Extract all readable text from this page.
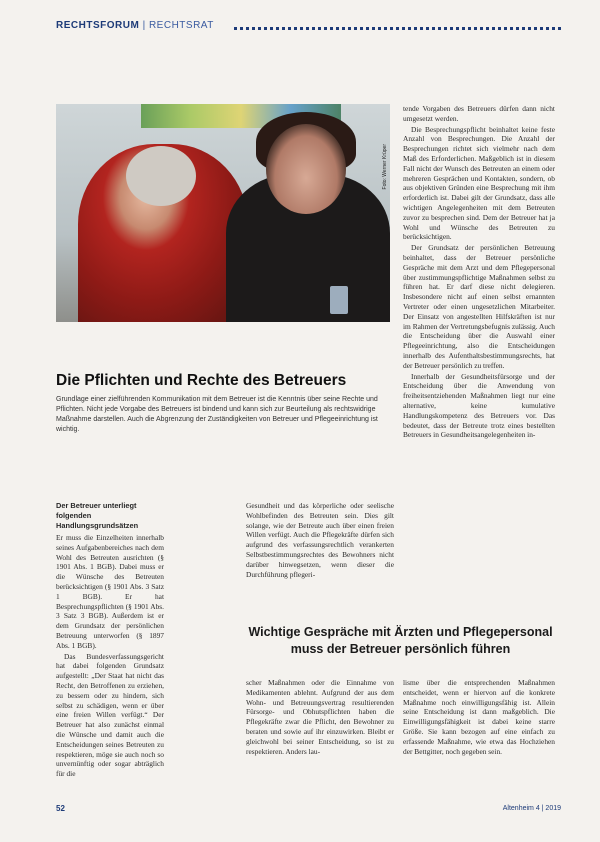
RECHTSFORUM | RECHTSRAT
Foto: Werner Krüper
Die Pflichten und Rechte des Betreuers

Grundlage einer zielführenden Kommunikation mit dem Betreuer ist die Kenntnis über seine Rechte und Pflichten. Nicht jede Vorgabe des Betreuers ist bindend und kann sich zur Beurteilung als rechtswidrige Maßnahme darstellen. Auch die Abgrenzung der Zuständigkeiten von Betreuer und Pflegeeinrichtung ist wichtig.

Der Betreuer unterliegt folgenden Handlungsgrundsätzen

Er muss die Einzelheiten innerhalb seines Aufgabenbereiches nach dem Wohl des Betreuten ausrichten (§ 1901 Abs. 1 BGB). Dabei muss er die Wünsche des Betreuten berücksichtigen (§ 1901 Abs. 3 Satz 1 BGB). Er hat Besprechungspflichten (§ 1901 Abs. 3 Satz 3 BGB). Außerdem ist er dem Grundsatz der persönlichen Betreuung unterworfen (§ 1897 Abs. 1 BGB).

Das Bundesverfassungsgericht hat dabei folgenden Grundsatz aufgestellt: „Der Staat hat nicht das Recht, den Betroffenen zu erziehen, zu bessern oder zu hindern, sich selbst zu schädigen, wenn er über eine freien Willen verfügt.“ Der Betreuer hat also zunächst einmal die Wünsche und damit auch die Entscheidungen seines Betreuten zu respektieren, möge sie auch noch so unvernünftig oder sogar abträglich für die

Gesundheit und das körperliche oder seelische Wohlbefinden des Betreuten sein. Dies gilt solange, wie der Betreute auch über einen freien Willen verfügt. Auch die Pflegekräfte dürfen sich aufgrund des verfassungsrechtlich verankerten Selbstbestimmungsrechtes des Bewohners nicht darüber hinwegsetzen, wenn dieser die Durchführung pflegeri-

tende Vorgaben des Betreuers dürfen dann nicht umgesetzt werden.

Die Besprechungspflicht beinhaltet keine feste Anzahl von Besprechungen. Die Anzahl der Besprechungen richtet sich vielmehr nach dem Maß des Erforderlichen. Maßgeblich ist in diesem Fall nicht der Wunsch des Betreuten an einem oder mehreren Gesprächen und Kontakten, sondern, ob aus objektiven Gründen eine Besprechung mit ihm erforderlich ist. Dabei gilt der Grundsatz, dass alle wichtigen Angelegenheiten mit dem Betreuten zuvor zu besprechen sind. Dem der Betreuer hat ja Wohl und Wünsche des Betreuten zu berücksichtigen.

Der Grundsatz der persönlichen Betreuung beinhaltet, dass der Betreuer persönliche Gespräche mit dem Arzt und dem Pflegepersonal über zustimmungspflichtige Maßnahmen selbst zu führen hat. Er darf diese nicht delegieren. Insbesondere nicht auf einen selbst ernannten Vertreter oder einen ungesetzlichen Mitarbeiter. Der Einsatz von angestellten Hilfskräften ist nur im Rahmen der Vertretungsbefugnis zulässig. Auch die Entscheidung über die Auswahl einer Pflegeeinrichtung, also die Entscheidungen innerhalb des Aufenthaltsbestimmungsrechts, hat der Betreuer persönlich zu treffen.

Innerhalb der Gesundheitsfürsorge und der Entscheidung über die Anwendung von freiheitsentziehenden Maßnahmen liegt nur eine alternative, keine kumulative Handlungskompetenz des Betreuers vor. Das bedeutet, dass der Betreute trotz eines bestellten Betreuers in Gesundheitsangelegenheiten in-

Wichtige Gespräche mit Ärzten und Pflegepersonal muss der Betreuer persönlich führen

scher Maßnahmen oder die Einnahme von Medikamenten ablehnt. Aufgrund der aus dem Wohn- und Betreuungsvertrag resultierenden Fürsorge- und Obhutspflichten haben die Pflegekräfte zwar die Pflicht, den Bewohner zu beraten und sowie auf ihr einzuwirken. Bleibt er gleichwohl bei seiner Entscheidung, so ist zu respektieren. Anders lau-

lisme über die entsprechenden Maßnahmen entscheidet, wenn er hiervon auf die konkrete Maßnahme noch einwilligungsfähig ist. Allein seine Entscheidung ist dann maßgeblich. Die Einwilligungsfähigkeit ist dabei keine starre Größe. Sie kann bezogen auf eine einfach zu erfassende Maßnahme, wie etwa das Hochziehen der Bettgitter, noch gegeben sein.

52	Altenheim 4 | 2019
